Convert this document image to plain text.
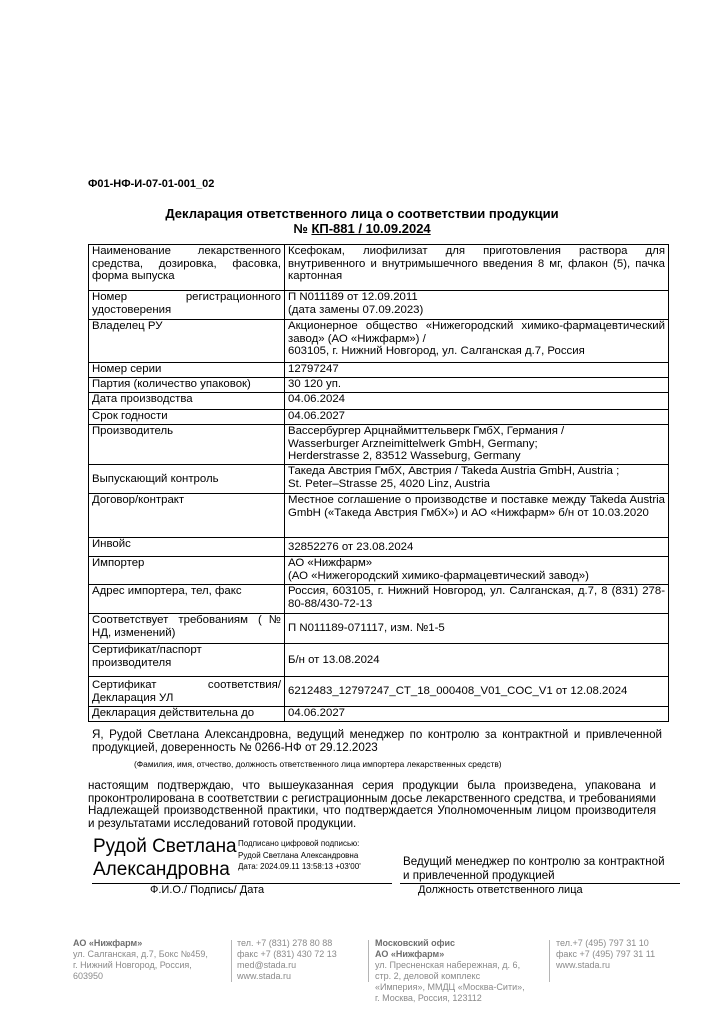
Ф01-НФ-И-07-01-001_02
Декларация ответственного лица о соответствии продукции
№ КП-881 / 10.09.2024
Наименование лекарственного средства, дозировка, фасовка, форма выпуска	Ксефокам, лиофилизат для приготовления раствора для внутривенного и внутримышечного введения 8 мг, флакон (5), пачка картонная
Номер регистрационного удостоверения	П N011189 от 12.09.2011
(дата замены 07.09.2023)

Владелец РУ	Акционерное общество «Нижегородский химико-фармацевтический завод» (АО «Нижфарм») /
603105, г. Нижний Новгород, ул. Салганская д.7, Россия

Номер серии	12797247
Партия (количество упаковок)	30 120 уп.
Дата производства	04.06.2024
Срок годности	04.06.2027
Производитель	Вассербургер Арцнаймиттельверк ГмбХ, Германия /
Wasserburger Arzneimittelwerk GmbH, Germany;
Herderstrasse 2, 83512 Wasseburg, Germany

Выпускающий контроль	Такеда Австрия ГмбХ, Австрия / Takeda Austria GmbH, Austria ;
St. Peter–Strasse 25, 4020 Linz, Austria

Договор/контракт	Местное соглашение о производстве и поставке между Takeda Austria GmbH («Такеда Австрия ГмбХ») и АО «Нижфарм» б/н от 10.03.2020
Инвойс	32852276 от 23.08.2024
Импортер	АО «Нижфарм»
(АО «Нижегородский химико-фармацевтический завод»)

Адрес импортера, тел, факс	Россия, 603105, г. Нижний Новгород, ул. Салганская, д.7, 8 (831) 278-80-88/430-72-13
Соответствует требованиям (№ НД, изменений)	П N011189-071117, изм. №1-5
Сертификат/паспорт производителя	Б/н от 13.08.2024
Сертификат соответствия/Декларация УЛ	6212483_12797247_CT_18_000408_V01_COC_V1 от 12.08.2024
Декларация действительна до	04.06.2027
Я, Рудой Светлана Александровна, ведущий менеджер по контролю за контрактной и привлеченной продукцией, доверенность № 0266-НФ от 29.12.2023
(Фамилия, имя, отчество, должность ответственного лица импортера лекарственных средств)
настоящим подтверждаю, что вышеуказанная серия продукции была произведена, упакована и проконтролирована в соответствии с регистрационным досье лекарственного средства, и требованиями Надлежащей производственной практики, что подтверждается Уполномоченным лицом производителя и результатами исследований готовой продукции.
Рудой Светлана
Александровна
Подписано цифровой подписью:
Рудой Светлана Александровна
Дата: 2024.09.11 13:58:13 +03'00'
Ф.И.О./ Подпись/ Дата
Ведущий менеджер по контролю за контрактной
и привлеченной продукцией
Должность ответственного лица
АО «Нижфарм»
ул. Салганская, д.7, Бокс №459,
г. Нижний Новгород, Россия,
603950
тел. +7 (831) 278 80 88
факс +7 (831) 430 72 13
med@stada.ru
www.stada.ru
Московский офис
АО «Нижфарм»
ул. Пресненская набережная, д. 6,
стр. 2, деловой комплекс
«Империя», ММДЦ «Москва-Сити»,
г. Москва, Россия, 123112
тел.+7 (495) 797 31 10
факс +7 (495) 797 31 11
www.stada.ru
